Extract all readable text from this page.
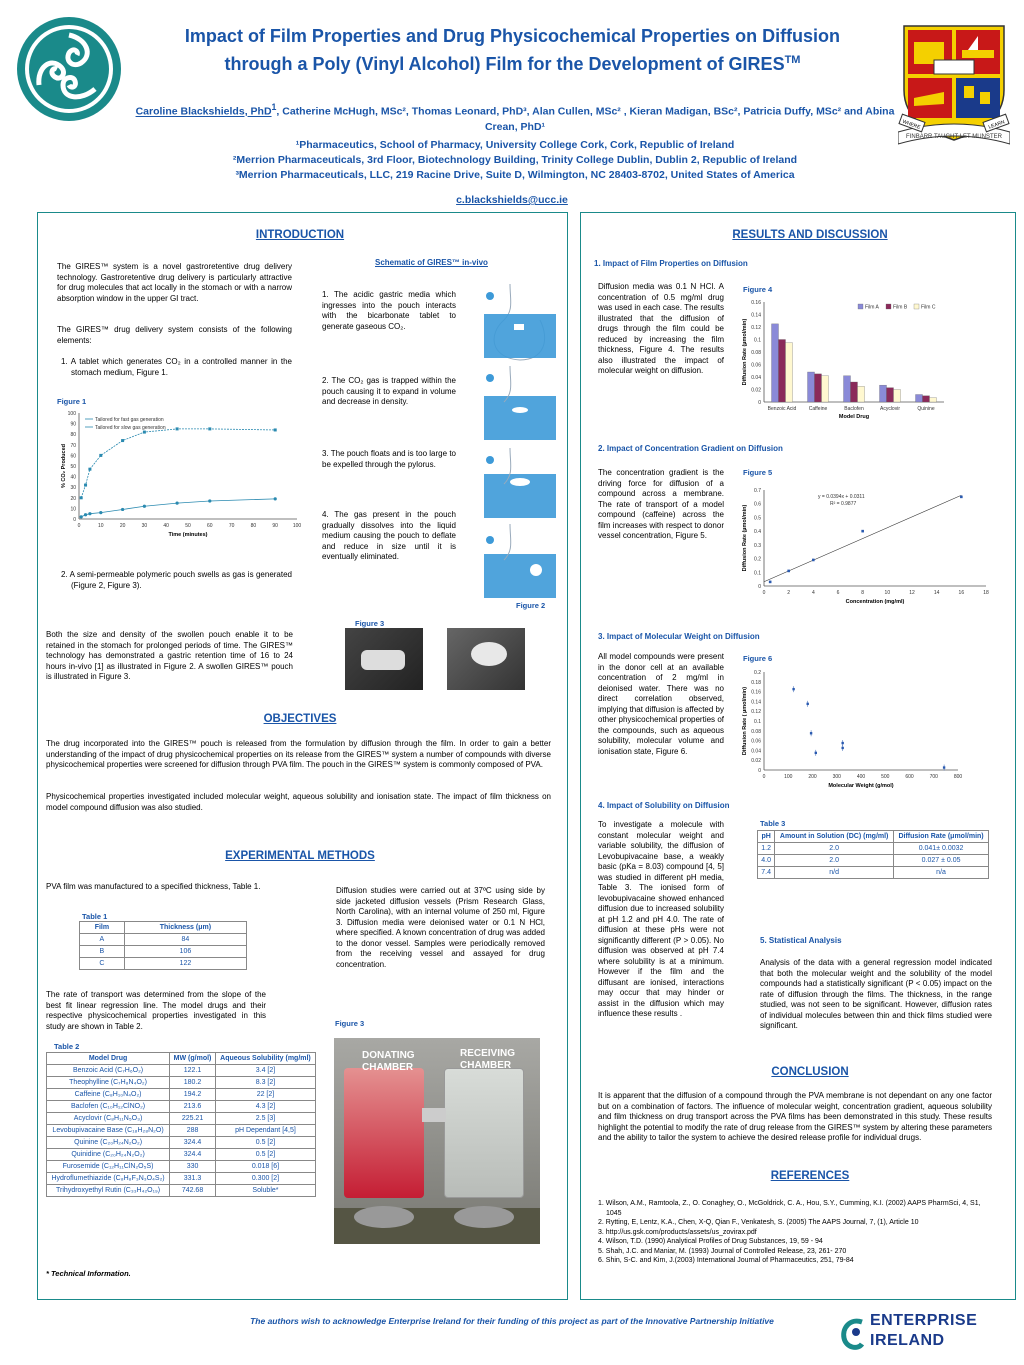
Impact of Film Properties and Drug Physicochemical Properties on Diffusion
through a Poly (Vinyl Alcohol) Film for the Development of GIRES™
FINBARR TAUGHT LET MUNSTER
WHERE	LEARN
Caroline Blackshields, PhD$^1$, Catherine McHugh, MSc², Thomas Leonard, PhD³, Alan Cullen, MSc² , Kieran Madigan, BSc², Patricia Duffy, MSc² and Abina Crean, PhD¹
¹Pharmaceutics, School of Pharmacy, University College Cork, Cork, Republic of Ireland
²Merrion Pharmaceuticals, 3rd Floor, Biotechnology Building, Trinity College Dublin, Dublin 2, Republic of Ireland
³Merrion Pharmaceuticals, LLC, 219 Racine Drive, Suite D, Wilmington, NC 28403-8702, United States of America
c.blackshields@ucc.ie
INTRODUCTION
The GIRES™ system is a novel gastroretentive drug delivery technology. Gastroretentive drug delivery is particularly attractive for drug molecules that act locally in the stomach or with a narrow absorption window in the upper GI tract.
The GIRES™ drug delivery system consists of the following elements:
1. A tablet which generates CO₂ in a controlled manner in the stomach medium, Figure 1.
Figure 1
0
10
20
30
40
50
60
70
80
90
100
0	10	20	30	40	50	60	70	80	90	100
Time (minutes)
% CO₂ Produced
Tailored for fast gas generation
Tailored for slow gas generation
2. A semi-permeable polymeric pouch swells as gas is generated (Figure 2, Figure 3).
Schematic of GIRES™ in-vivo
1. The acidic gastric media which ingresses into the pouch interacts with the bicarbonate tablet to generate gaseous CO₂.
2. The CO₂ gas is trapped within the pouch causing it to expand in volume and decrease in density.
3. The pouch floats and is too large to be expelled through the pylorus.
4. The gas present in the pouch gradually dissolves into the liquid medium causing the pouch to deflate and reduce in size until it is eventually eliminated.
Figure 2
Figure 3
Both the size and density of the swollen pouch enable it to be retained in the stomach for prolonged periods of time. The GIRES™ technology has demonstrated a gastric retention time of 16 to 24 hours in-vivo [1] as illustrated in Figure 2. A swollen GIRES™ pouch is illustrated in Figure 3.
OBJECTIVES
The drug incorporated into the GIRES™ pouch is released from the formulation by diffusion through the film. In order to gain a better understanding of the impact of drug physicochemical properties on its release from the GIRES™ system a number of compounds with diverse physicochemical properties were screened for diffusion through PVA film. The pouch in the GIRES™ system is commonly composed of PVA.
Physicochemical properties investigated included molecular weight, aqueous solubility and ionisation state. The impact of film thickness on model compound diffusion was also studied.
EXPERIMENTAL METHODS
PVA film was manufactured to a specified thickness, Table 1.
Table 1
Film	Thickness (μm)
A	84
B	106
C	122
The rate of transport was determined from the slope of the best fit linear regression line. The model drugs and their respective physicochemical properties investigated in this study are shown in Table 2.
Table 2
Model Drug	MW (g/mol)	Aqueous Solubility (mg/ml)
Benzoic Acid (C₇H₆O₂)	122.1	3.4 [2]
Theophylline (C₇H₈N₄O₂)	180.2	8.3 [2]
Caffeine (C₈H₁₀N₄O₂)	194.2	22 [2]
Baclofen (C₁₀H₁₂ClNO₂)	213.6	4.3 [2]
Acyclovir (C₈H₁₁N₅O₃)	225.21	2.5 [3]
Levobupivacaine Base (C₁₈H₂₈N₂O)	288	pH Dependant [4,5]
Quinine (C₂₀H₂₄N₂O₂)	324.4	0.5 [2]
Quinidine (C₂₀H₂₄N₂O₂)	324.4	0.5 [2]
Furosemide (C₁₂H₁₁ClN₂O₅S)	330	0.018 [6]
Hydroflumethiazide (C₈H₈F₃N₃O₄S₂)	331.3	0.300 [2]
Trihydroxyethyl Rutin (C₃₃H₄₂O₁₉)	742.68	Soluble*
* Technical Information.
Diffusion studies were carried out at 37ºC using side by side jacketed diffusion vessels (Prism Research Glass, North Carolina), with an internal volume of 250 ml, Figure 3. Diffusion media were deionised water or 0.1 N HCl, where specified. A known concentration of drug was added to the donor vessel. Samples were periodically removed from the receiving vessel and assayed for drug concentration.
Figure 3
DONATING CHAMBER
RECEIVING CHAMBER
RESULTS AND DISCUSSION
1. Impact of Film Properties on Diffusion
Diffusion media was 0.1 N HCl. A concentration of 0.5 mg/ml drug was used in each case. The results illustrated that the diffusion of drugs through the film could be reduced by increasing the film thickness, Figure 4. The results also illustrated the impact of molecular weight on diffusion.
Figure 4
0
0.02
0.04
0.06
0.08
0.1
0.12
0.14
0.16
Benzoic Acid Caffeine	Baclofen	Acyclovir	Quinine
Model Drug
Diffusion Rate (µmol/min)
Film A	Film B	Film C
2. Impact of Concentration Gradient on Diffusion
The concentration gradient is the driving force for diffusion of a compound across a membrane. The rate of transport of a model compound (caffeine) across the film increases with respect to donor vessel concentration, Figure 5.
Figure 5
0
0.1
0.2
0.3
0.4
0.5
0.6
0.7
0	2	4	6	8	10	12	14	16	18
Concentration (mg/ml)
Diffusion Rate (µmol/min)
y = 0.0394x + 0.0311
R² = 0.9877
3. Impact of Molecular Weight on Diffusion
All model compounds were present in the donor cell at an available concentration of 2 mg/ml in deionised water. There was no direct correlation observed, implying that diffusion is affected by other physicochemical properties of the compounds, such as aqueous solubility, molecular volume and ionisation state, Figure 6.
Figure 6
0
0.02
0.04
0.06
0.08
0.1
0.12
0.14
0.16
0.18
0.2
0	100	200	300	400	500	600	700	800
Molecular Weight (g/mol)
Diffusion Rate ( µmol/min)
4. Impact of Solubility on Diffusion
To investigate a molecule with constant molecular weight and variable solubility, the diffusion of Levobupivacaine base, a weakly basic (pKa = 8.03) compound [4, 5] was studied in different pH media, Table 3. The ionised form of levobupivacaine showed enhanced diffusion due to increased solubility at pH 1.2 and pH 4.0. The rate of diffusion at these pHs were not significantly different (P > 0.05). No diffusion was observed at pH 7.4 where solubility is at a minimum. However if the film and the diffusant are ionised, interactions may occur that may hinder or assist in the diffusion which may influence these results .
Table 3
pH	Amount in Solution (DC) (mg/ml)	Diffusion Rate (μmol/min)
1.2	2.0	0.041± 0.0032
4.0	2.0	0.027 ± 0.05
7.4	n/d	n/a
5. Statistical Analysis
Analysis of the data with a general regression model indicated that both the molecular weight and the solubility of the model compounds had a statistically significant (P < 0.05) impact on the rate of diffusion through the films. The thickness, in the range studied, was not seen to be significant. However, diffusion rates of individual molecules between thin and thick films studied were significant.
CONCLUSION
It is apparent that the diffusion of a compound through the PVA membrane is not dependant on any one factor but on a combination of factors. The influence of molecular weight, concentration gradient, aqueous solubility and film thickness on drug transport across the PVA films has been demonstrated in this study. These results highlight the potential to modify the rate of drug release from the GIRES™ system by altering these parameters and the ability to tailor the system to achieve the desired release profile for individual drugs.
REFERENCES
1. Wilson, A.M., Ramtoola, Z., O. Conaghey, O., McGoldrick, C. A., Hou, S.Y., Cumming, K.I. (2002) AAPS PharmSci, 4, S1, 1045
2. Rytting, E, Lentz, K.A., Chen, X-Q, Qian F., Venkatesh, S. (2005) The AAPS Journal, 7, (1), Article 10
3. http://us.gsk.com/products/assets/us_zovirax.pdf
4. Wilson, T.D. (1990) Analytical Profiles of Drug Substances, 19, 59 - 94
5. Shah, J.C. and Maniar, M. (1993) Journal of Controlled Release, 23, 261- 270
6. Shin, S-C. and Kim, J.(2003) International Journal of Pharmaceutics, 251, 79-84
The authors wish to acknowledge Enterprise Ireland for their funding of this project as part of the Innovative Partnership Initiative	ENTERPRISE
IRELAND
